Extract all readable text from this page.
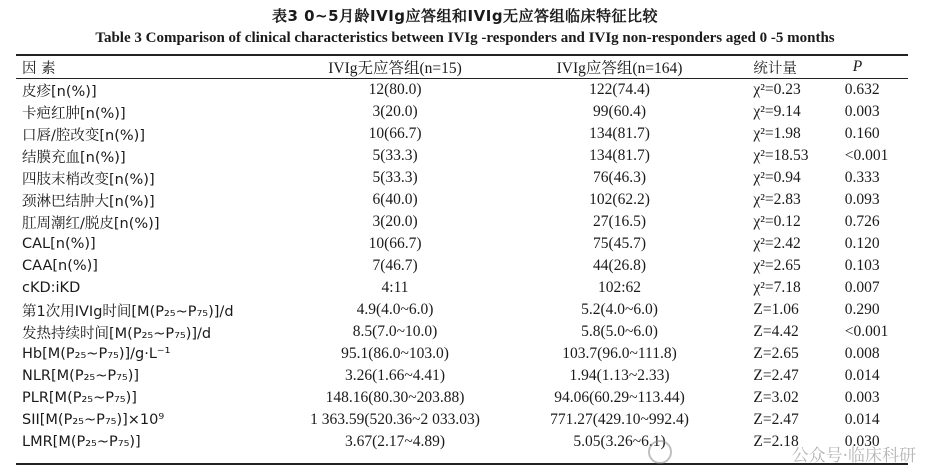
表3 0~5月龄IVIg应答组和IVIg无应答组临床特征比较
Table 3 Comparison of clinical characteristics between IVIg -responders and IVIg non-responders aged 0 -5 months
因 素	IVIg无应答组(n=15)	IVIg应答组(n=164)	统计量	P
皮疹[n(%)]	12(80.0)	122(74.4)	χ²=0.23	0.632
卡疤红肿[n(%)]	3(20.0)	99(60.4)	χ²=9.14	0.003
口唇/腔改变[n(%)]	10(66.7)	134(81.7)	χ²=1.98	0.160
结膜充血[n(%)]	5(33.3)	134(81.7)	χ²=18.53	<0.001
四肢末梢改变[n(%)]	5(33.3)	76(46.3)	χ²=0.94	0.333
颈淋巴结肿大[n(%)]	6(40.0)	102(62.2)	χ²=2.83	0.093
肛周潮红/脱皮[n(%)]	3(20.0)	27(16.5)	χ²=0.12	0.726
CAL[n(%)]	10(66.7)	75(45.7)	χ²=2.42	0.120
CAA[n(%)]	7(46.7)	44(26.8)	χ²=2.65	0.103
cKD:iKD	4:11	102:62	χ²=7.18	0.007
第1次用IVIg时间[M(P₂₅~P₇₅)]/d	4.9(4.0~6.0)	5.2(4.0~6.0)	Z=1.06	0.290
发热持续时间[M(P₂₅~P₇₅)]/d	8.5(7.0~10.0)	5.8(5.0~6.0)	Z=4.42	<0.001
Hb[M(P₂₅~P₇₅)]/g·L⁻¹	95.1(86.0~103.0)	103.7(96.0~111.8)	Z=2.65	0.008
NLR[M(P₂₅~P₇₅)]	3.26(1.66~4.41)	1.94(1.13~2.33)	Z=2.47	0.014
PLR[M(P₂₅~P₇₅)]	148.16(80.30~203.88)	94.06(60.29~113.44)	Z=3.02	0.003
SII[M(P₂₅~P₇₅)]×10⁹	1 363.59(520.36~2 033.03)	771.27(429.10~992.4)	Z=2.47	0.014
LMR[M(P₂₅~P₇₅)]	3.67(2.17~4.89)	5.05(3.26~6.1)	Z=2.18	0.030
公众号·临床科研
